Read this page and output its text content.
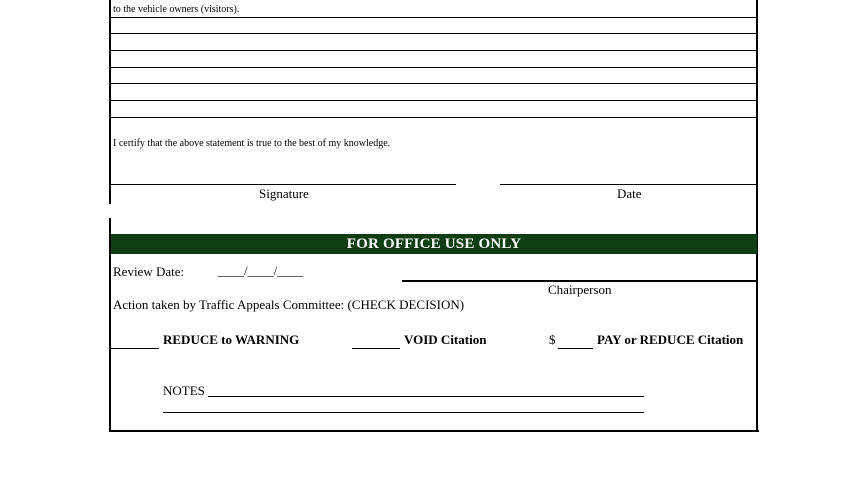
to the vehicle owners (visitors).
I certify that the above statement is true to the best of my knowledge.
Signature	Date
FOR OFFICE USE ONLY
Review Date:	____/____/____
Chairperson
Action taken by Traffic Appeals Committee: (CHECK DECISION)
REDUCE to WARNING	VOID Citation	$	PAY or REDUCE Citation
NOTES
